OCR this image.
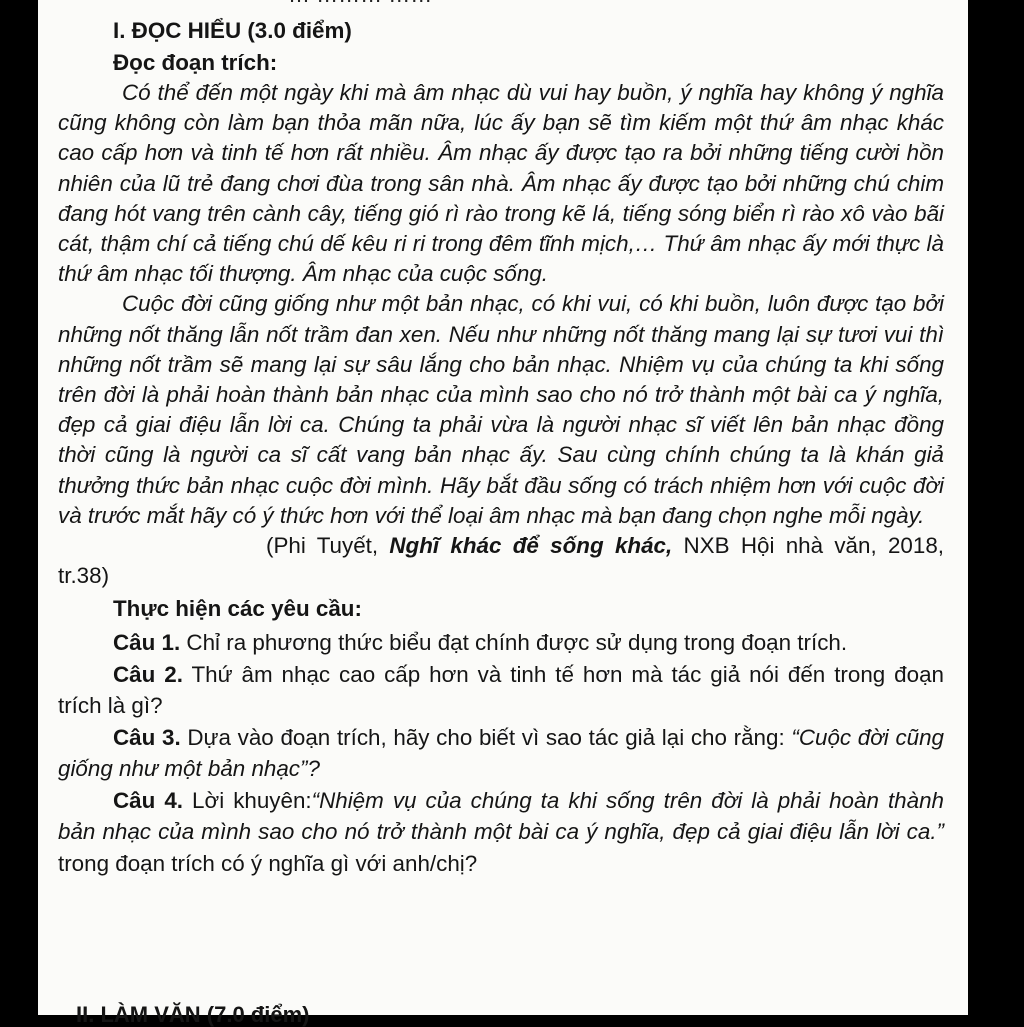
I. ĐỌC HIỂU (3.0 điểm)
Đọc đoạn trích:

Có thể đến một ngày khi mà âm nhạc dù vui hay buồn, ý nghĩa hay không ý nghĩa cũng không còn làm bạn thỏa mãn nữa, lúc ấy bạn sẽ tìm kiếm một thứ âm nhạc khác cao cấp hơn và tinh tế hơn rất nhiều. Âm nhạc ấy được tạo ra bởi những tiếng cười hồn nhiên của lũ trẻ đang chơi đùa trong sân nhà. Âm nhạc ấy được tạo bởi những chú chim đang hót vang trên cành cây, tiếng gió rì rào trong kẽ lá, tiếng sóng biển rì rào xô vào bãi cát, thậm chí cả tiếng chú dế kêu ri ri trong đêm tĩnh mịch,… Thứ âm nhạc ấy mới thực là thứ âm nhạc tối thượng. Âm nhạc của cuộc sống.

Cuộc đời cũng giống như một bản nhạc, có khi vui, có khi buồn, luôn được tạo bởi những nốt thăng lẫn nốt trầm đan xen. Nếu như những nốt thăng mang lại sự tươi vui thì những nốt trầm sẽ mang lại sự sâu lắng cho bản nhạc. Nhiệm vụ của chúng ta khi sống trên đời là phải hoàn thành bản nhạc của mình sao cho nó trở thành một bài ca ý nghĩa, đẹp cả giai điệu lẫn lời ca. Chúng ta phải vừa là người nhạc sĩ viết lên bản nhạc đồng thời cũng là người ca sĩ cất vang bản nhạc ấy. Sau cùng chính chúng ta là khán giả thưởng thức bản nhạc cuộc đời mình. Hãy bắt đầu sống có trách nhiệm hơn với cuộc đời và trước mắt hãy có ý thức hơn với thể loại âm nhạc mà bạn đang chọn nghe mỗi ngày.

(Phi Tuyết, Nghĩ khác để sống khác, NXB Hội nhà văn, 2018, tr.38)

Thực hiện các yêu cầu:

Câu 1. Chỉ ra phương thức biểu đạt chính được sử dụng trong đoạn trích.

Câu 2. Thứ âm nhạc cao cấp hơn và tinh tế hơn mà tác giả nói đến trong đoạn trích là gì?

Câu 3. Dựa vào đoạn trích, hãy cho biết vì sao tác giả lại cho rằng: “Cuộc đời cũng giống như một bản nhạc”?

Câu 4. Lời khuyên:“Nhiệm vụ của chúng ta khi sống trên đời là phải hoàn thành bản nhạc của mình sao cho nó trở thành một bài ca ý nghĩa, đẹp cả giai điệu lẫn lời ca.” trong đoạn trích có ý nghĩa gì với anh/chị?

II. LÀM VĂN (7.0 điểm)
